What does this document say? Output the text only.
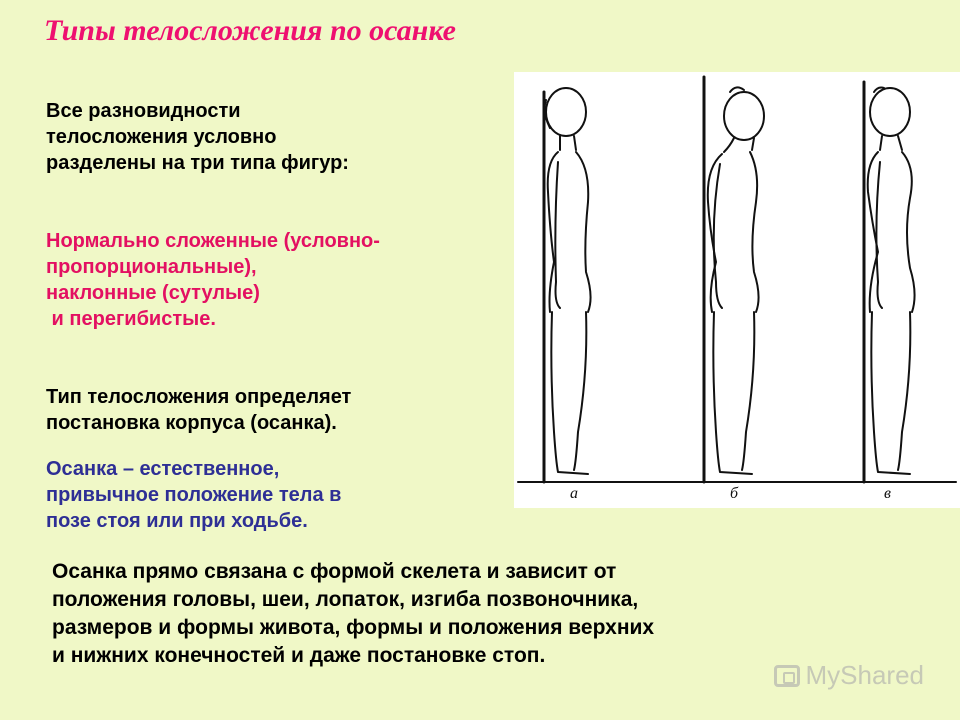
Типы телосложения по осанке
Все разновидности
телосложения условно
разделены на три типа фигур:
Нормально сложенные (условно-
пропорциональные),
наклонные (сутулые)
и перегибистые.
Тип телосложения определяет
постановка корпуса (осанка).
Осанка – естественное,
привычное положение тела в
позе стоя или при ходьбе.
а	б	в
Осанка прямо связана с формой скелета и зависит от
положения головы, шеи, лопаток, изгиба позвоночника,
размеров и формы живота, формы и положения верхних
и нижних конечностей и даже постановке стоп.
MyShared
